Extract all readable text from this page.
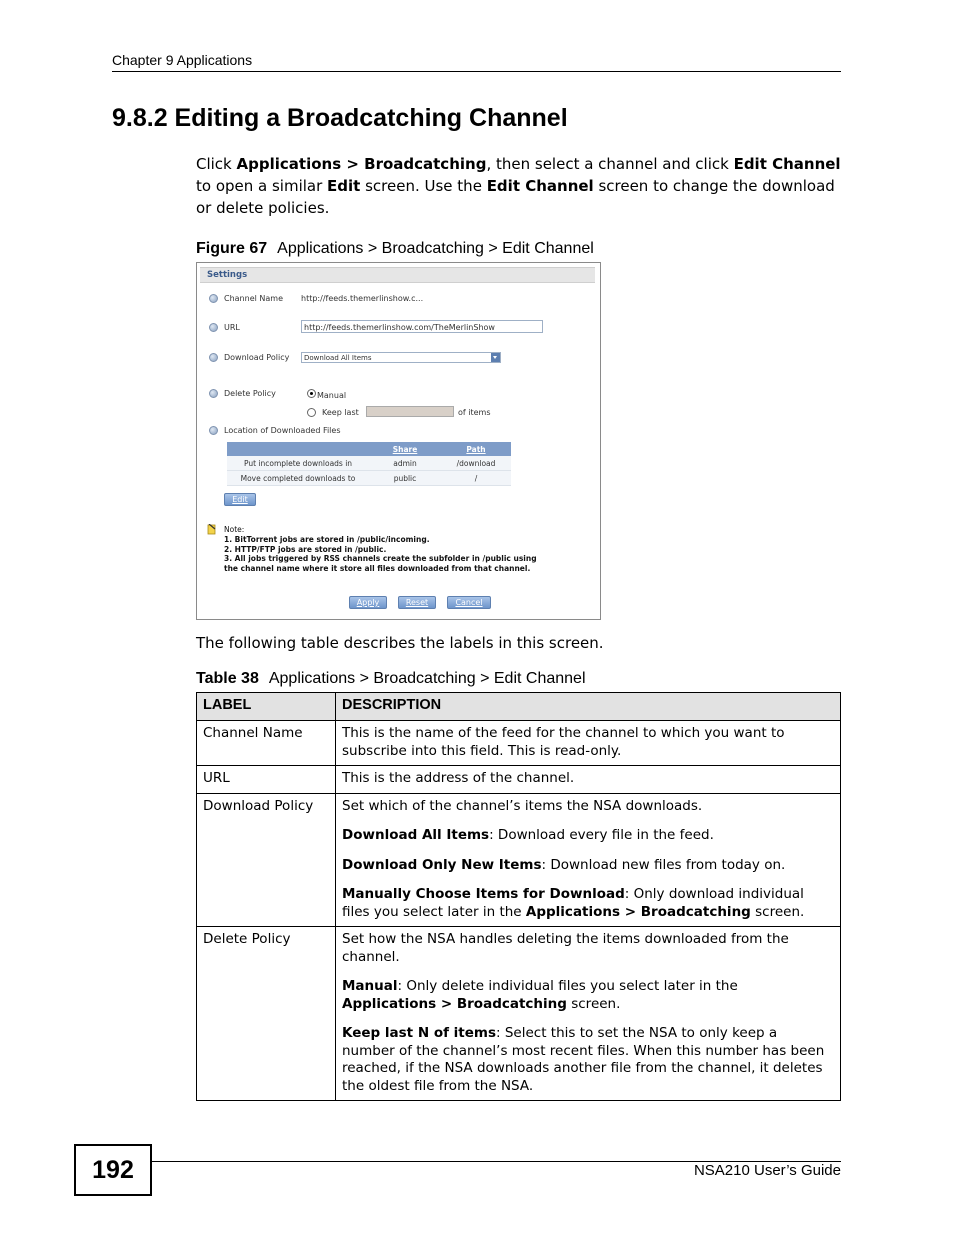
Chapter 9 Applications
9.8.2 Editing a Broadcatching Channel
Click Applications > Broadcatching, then select a channel and click Edit Channel to open a similar Edit screen. Use the Edit Channel screen to change the download or delete policies.
Figure 67 Applications > Broadcatching > Edit Channel
Settings
Channel Name http://feeds.themerlinshow.c...
URL	http://feeds.themerlinshow.com/TheMerlinShow
Download Policy	Download All Items
Delete Policy	Manual
Keep last	of items
Location of Downloaded Files
	Share	Path
Put incomplete downloads in	admin	/download
Move completed downloads to	public	/
Edit
Note:
1. BitTorrent jobs are stored in /public/incoming.
2. HTTP/FTP jobs are stored in /public.
3. All jobs triggered by RSS channels create the subfolder in /public using
the channel name where it store all files downloaded from that channel.
Apply	Reset	Cancel
The following table describes the labels in this screen.
Table 38 Applications > Broadcatching > Edit Channel
LABEL	DESCRIPTION
Channel Name	This is the name of the feed for the channel to which you want to subscribe into this field. This is read-only.
URL	This is the address of the channel.
Download Policy	Set which of the channel’s items the NSA downloads.

Download All Items: Download every file in the feed.

Download Only New Items: Download new files from today on.

Manually Choose Items for Download: Only download individual files you select later in the Applications > Broadcatching screen.

Delete Policy	Set how the NSA handles deleting the items downloaded from the channel.

Manual: Only delete individual files you select later in the Applications > Broadcatching screen.

Keep last N of items: Select this to set the NSA to only keep a number of the channel’s most recent files. When this number has been reached, if the NSA downloads another file from the channel, it deletes the oldest file from the NSA.

192	NSA210 User’s Guide
